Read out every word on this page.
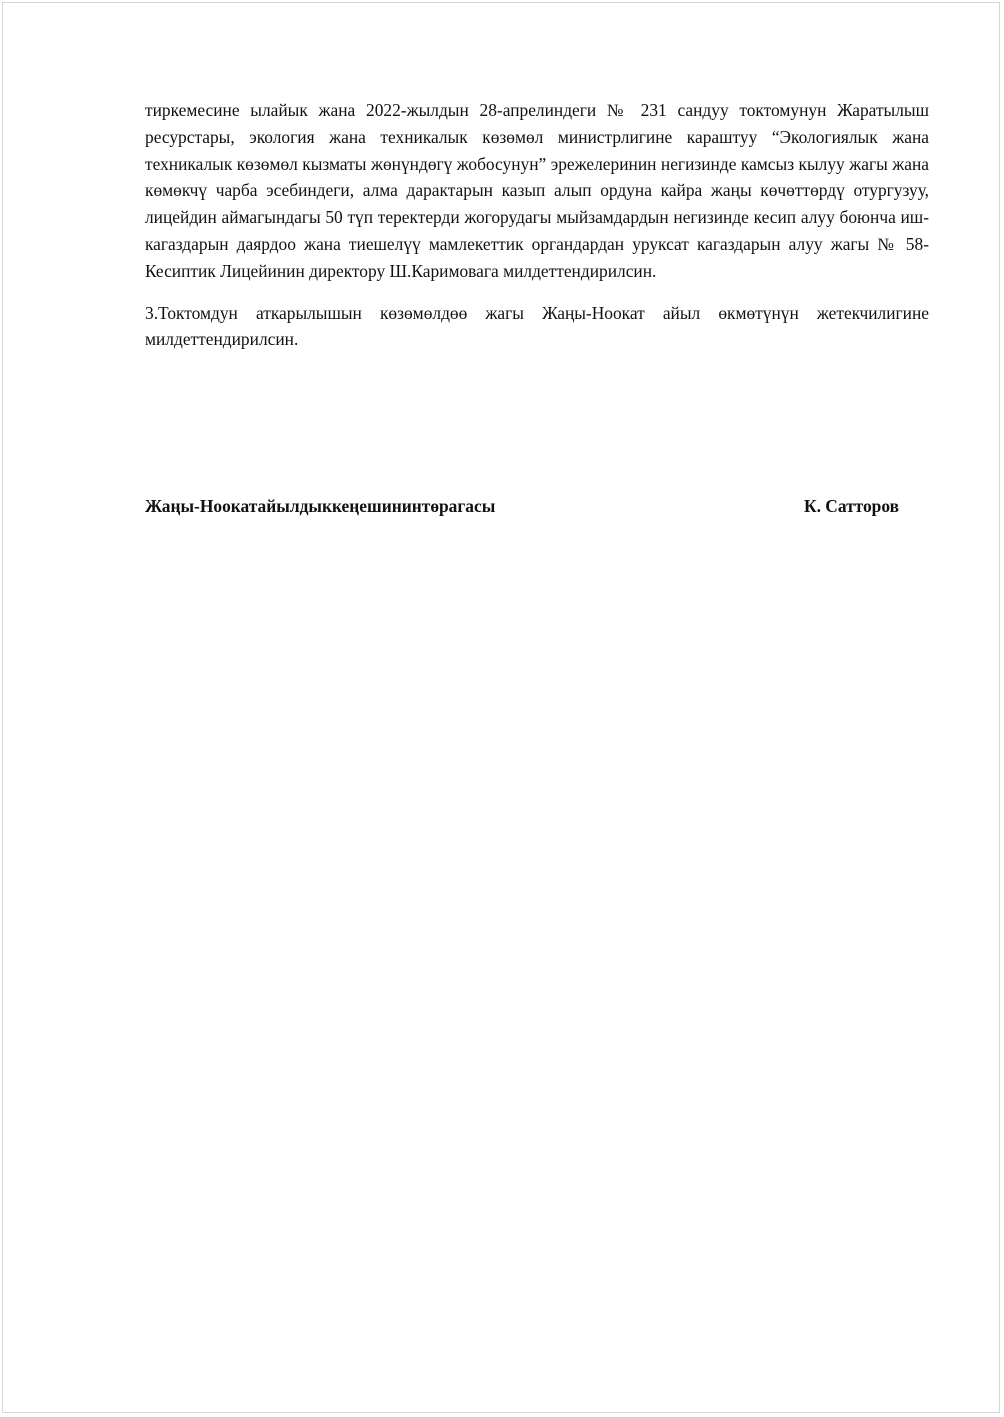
тиркемесине ылайык жана 2022-жылдын 28-апрелиндеги № 231 сандуу токтомунун Жаратылыш ресурстары, экология жана техникалык көзөмөл министрлигине караштуу “Экологиялык жана техникалык көзөмөл кызматы жөнүндөгү жобосунун” эрежелеринин негизинде камсыз кылуу жагы жана көмөкчү чарба эсебиндеги, алма дарактарын казып алып ордуна кайра жаңы көчөттөрдү отургузуу, лицейдин аймагындагы 50 түп теректерди жогорудагы мыйзамдардын негизинде кесип алуу боюнча иш-кагаздарын даярдоо жана тиешелүү мамлекеттик органдардан уруксат кагаздарын алуу жагы № 58-Кесиптик Лицейинин директору Ш.Каримовага милдеттендирилсин.

3.Токтомдун аткарылышын көзөмөлдөө жагы Жаңы-Ноокат айыл өкмөтүнүн жетекчилигине милдеттендирилсин.

Жаңы-Ноокатайылдыккеңешининтөрагасы	К. Сатторов
